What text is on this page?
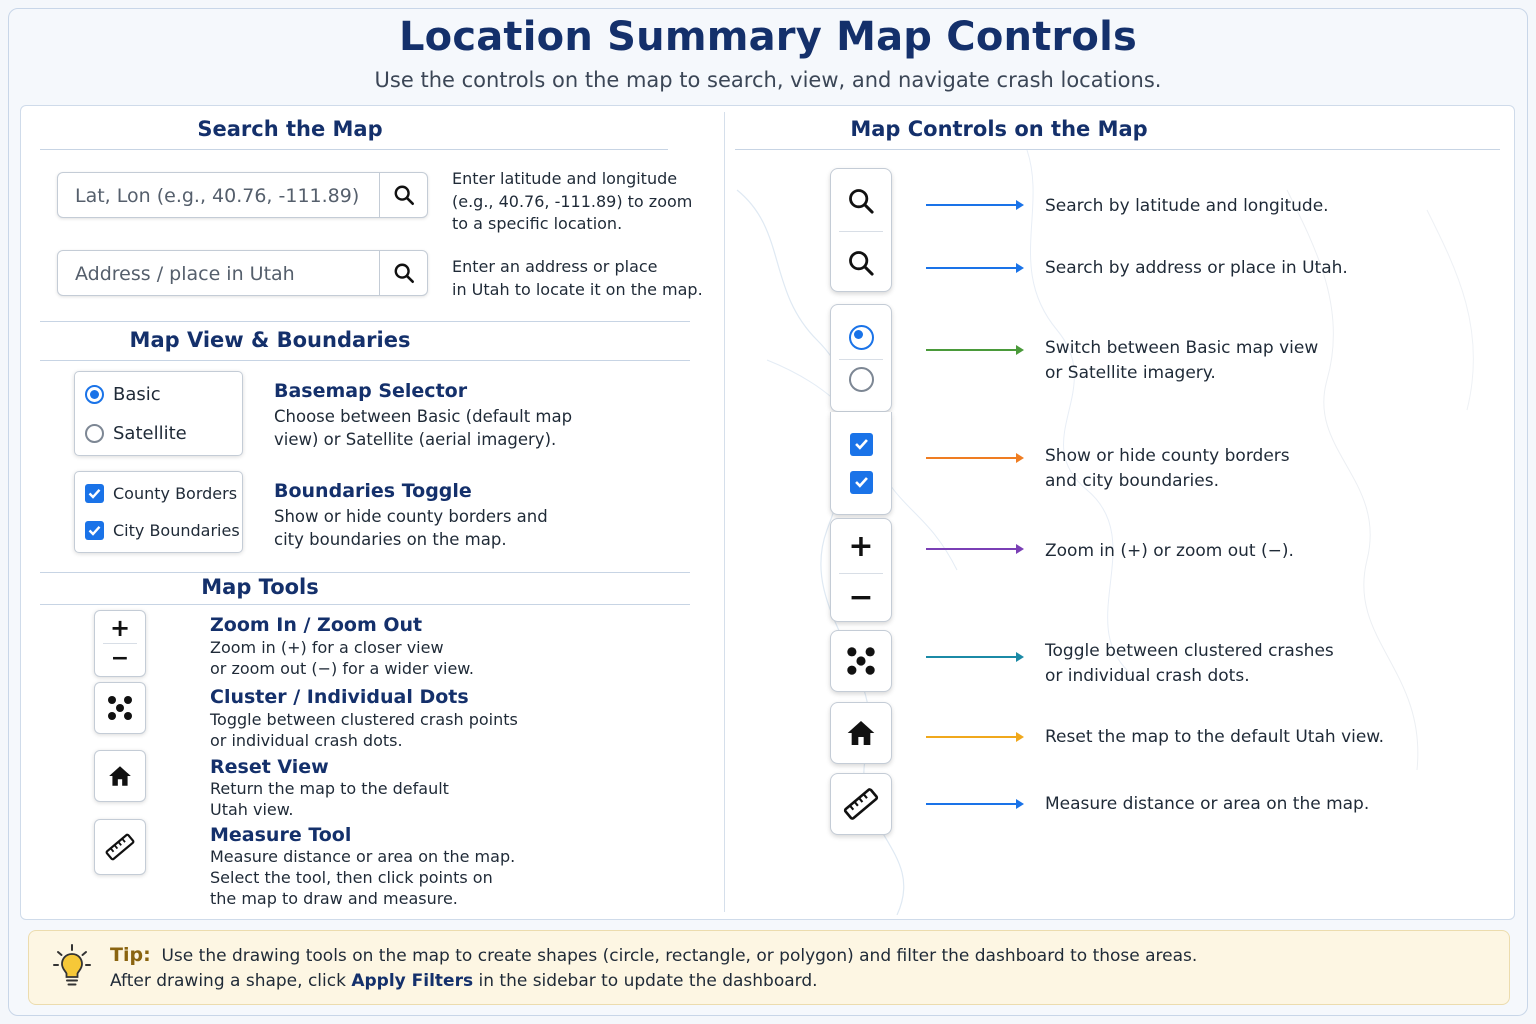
Location Summary Map Controls
Use the controls on the map to search, view, and navigate crash locations.
Search the Map
Lat, Lon (e.g., 40.76, -111.89)
Enter latitude and longitude
(e.g., 40.76, -111.89) to zoom
to a specific location.
Address / place in Utah	Enter an address or place
in Utah to locate it on the map.
Map View & Boundaries
Basic
Satellite
Basemap Selector
Choose between Basic (default map
view) or Satellite (aerial imagery).
County Borders
City Boundaries
Boundaries Toggle
Show or hide county borders and
city boundaries on the map.
Map Tools
+
−
Zoom In / Zoom Out
Zoom in (+) for a closer view
or zoom out (−) for a wider view.
Cluster / Individual Dots
Toggle between clustered crash points
or individual crash dots.
Reset View
Return the map to the default
Utah view.
Measure Tool
Measure distance or area on the map.
Select the tool, then click points on
the map to draw and measure.
Map Controls on the Map
+
−
Search by latitude and longitude.
Search by address or place in Utah.
Switch between Basic map view
or Satellite imagery.
Show or hide county borders
and city boundaries.
Zoom in (+) or zoom out (−).
Toggle between clustered crashes
or individual crash dots.
Reset the map to the default Utah view.
Measure distance or area on the map.
Tip: Use the drawing tools on the map to create shapes (circle, rectangle, or polygon) and filter the dashboard to those areas.
After drawing a shape, click Apply Filters in the sidebar to update the dashboard.
